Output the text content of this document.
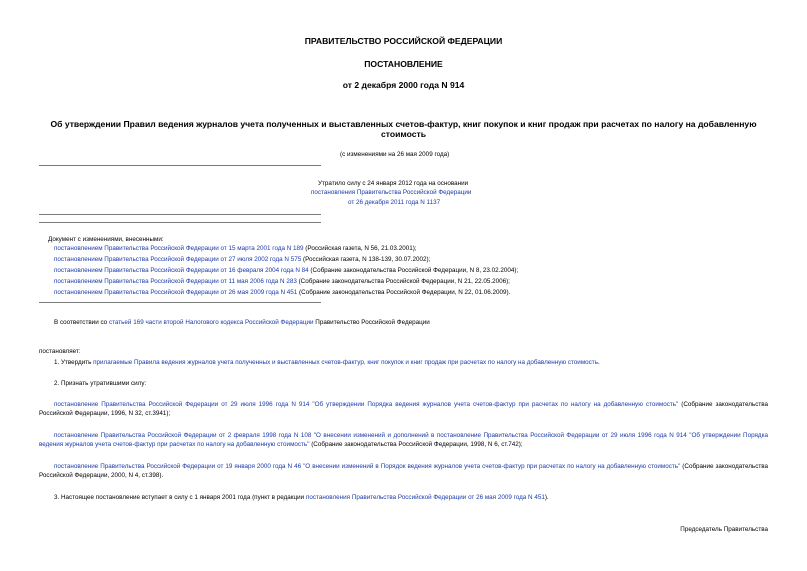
ПРАВИТЕЛЬСТВО РОССИЙСКОЙ ФЕДЕРАЦИИ
ПОСТАНОВЛЕНИЕ
от 2 декабря 2000 года N 914
Об утверждении Правил ведения журналов учета полученных и выставленных счетов-фактур, книг покупок и книг продаж при расчетах по налогу на добавленную
стоимость
(с изменениями на 26 мая 2009 года)
Утратило силу с 24 января 2012 года на основании
постановления Правительства Российской Федерации
от 26 декабря 2011 года N 1137
Документ с изменениями, внесенными:
постановлением Правительства Российской Федерации от 15 марта 2001 года N 189 (Российская газета, N 56, 21.03.2001);
постановлением Правительства Российской Федерации от 27 июля 2002 года N 575 (Российская газета, N 138-139, 30.07.2002);
постановлением Правительства Российской Федерации от 16 февраля 2004 года N 84 (Собрание законодательства Российской Федерации, N 8, 23.02.2004);
постановлением Правительства Российской Федерации от 11 мая 2006 года N 283 (Собрание законодательства Российской Федерации, N 21, 22.05.2006);
постановлением Правительства Российской Федерации от 26 мая 2009 года N 451 (Собрание законодательства Российской Федерации, N 22, 01.06.2009).
В соответствии со статьей 169 части второй Налогового кодекса Российской Федерации Правительство Российской Федерации
постановляет:
1. Утвердить прилагаемые Правила ведения журналов учета полученных и выставленных счетов-фактур, книг покупок и книг продаж при расчетах по налогу на добавленную стоимость.
2. Признать утратившими силу:
постановление Правительства Российской Федерации от 29 июля 1996 года N 914 "Об утверждении Порядка ведения журналов учета счетов-фактур при расчетах по налогу на добавленную стоимость" (Собрание законодательства Российской Федерации, 1996, N 32, ст.3941);
постановление Правительства Российской Федерации от 2 февраля 1998 года N 108 "О внесении изменений и дополнений в постановление Правительства Российской Федерации от 29 июля 1996 года N 914 "Об утверждении Порядка ведения журналов учета счетов-фактур при расчетах по налогу на добавленную стоимость" (Собрание законодательства Российской Федерации, 1998, N 6, ст.742);
постановление Правительства Российской Федерации от 19 января 2000 года N 46 "О внесении изменений в Порядок ведения журналов учета счетов-фактур при расчетах по налогу на добавленную стоимость" (Собрание законодательства Российской Федерации, 2000, N 4, ст.398).
3. Настоящее постановление вступает в силу с 1 января 2001 года (пункт в редакции постановления Правительства Российской Федерации от 26 мая 2009 года N 451).
Председатель Правительства
